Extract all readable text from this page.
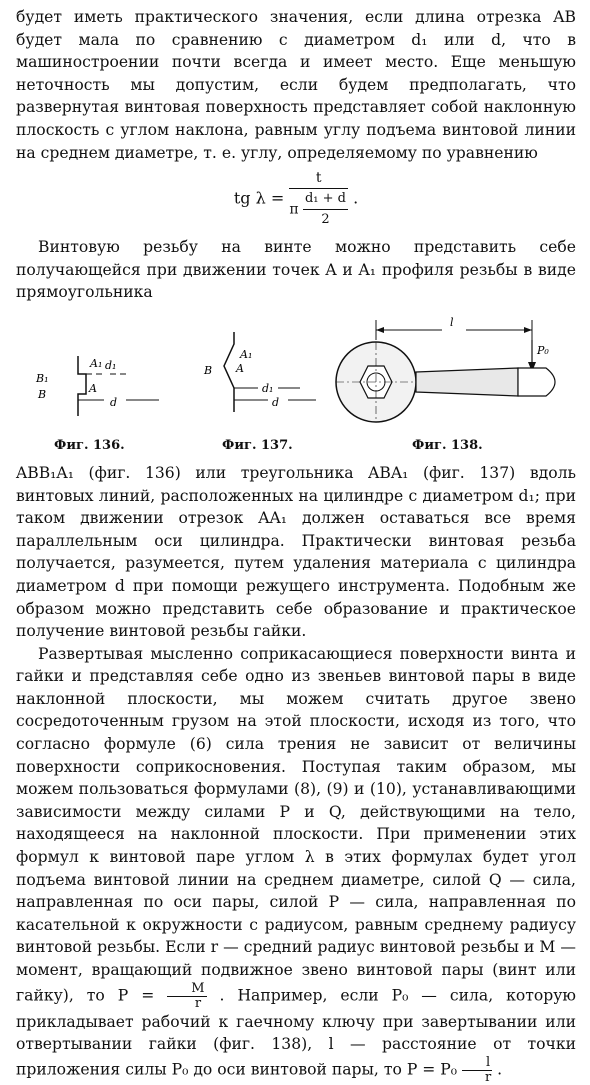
будет иметь практического значения, если длина отрезка AB будет мала по сравнению с диаметром d₁ или d, что в машиностроении почти всегда и имеет место. Еще меньшую неточность мы допустим, если будем предполагать, что развернутая винтовая поверхность представляет собой наклонную плоскость с углом наклона, равным углу подъема винтовой линии на среднем диаметре, т. е. углу, определяемому по уравнению

tg $\lambda = \frac{t}{\pi \frac{\text{d₁ + d}}{2}}$ .

Винтовую резьбу на винте можно представить себе получающейся при движении точек A и A₁ профиля резьбы в виде прямоугольника

B₁
A₁
B	A
d₁
d
Фиг. 136.
B
A₁
A
d₁
d
Фиг. 137.
l
P₀
Фиг. 138.

ABB₁A₁ (фиг. 136) или треугольника ABA₁ (фиг. 137) вдоль винтовых линий, расположенных на цилиндре с диаметром d₁; при таком движении отрезок AA₁ должен оставаться все время параллельным оси цилиндра. Практически винтовая резьба получается, разумеется, путем удаления материала с цилиндра диаметром d при помощи режущего инструмента. Подобным же образом можно представить себе образование и практическое получение винтовой резьбы гайки.

Развертывая мысленно соприкасающиеся поверхности винта и гайки и представляя себе одно из звеньев винтовой пары в виде наклонной плоскости, мы можем считать другое звено сосредоточенным грузом на этой плоскости, исходя из того, что согласно формуле (6) сила трения не зависит от величины поверхности соприкосновения. Поступая таким образом, мы можем пользоваться формулами (8), (9) и (10), устанавливающими зависимости между силами P и Q, действующими на тело, находящееся на наклонной плоскости. При применении этих формул к винтовой паре углом λ в этих формулах будет угол подъема винтовой линии на среднем диаметре, силой Q — сила, направленная по оси пары, силой P — сила, направленная по касательной к окружности с радиусом, равным среднему радиусу винтовой резьбы. Если r — средний радиус винтовой резьбы и M — момент, вращающий подвижное звено винтовой пары (винт или гайку), то $P = \frac{M}{r}$ . Например, если P₀ — сила, которую прикладывает рабочий к гаечному ключу при завертывании или отвертывании гайки (фиг. 138), l — расстояние от точки приложения силы P₀ до оси винтовой пары, то $P = P_0 \frac{l}{r}$ .
